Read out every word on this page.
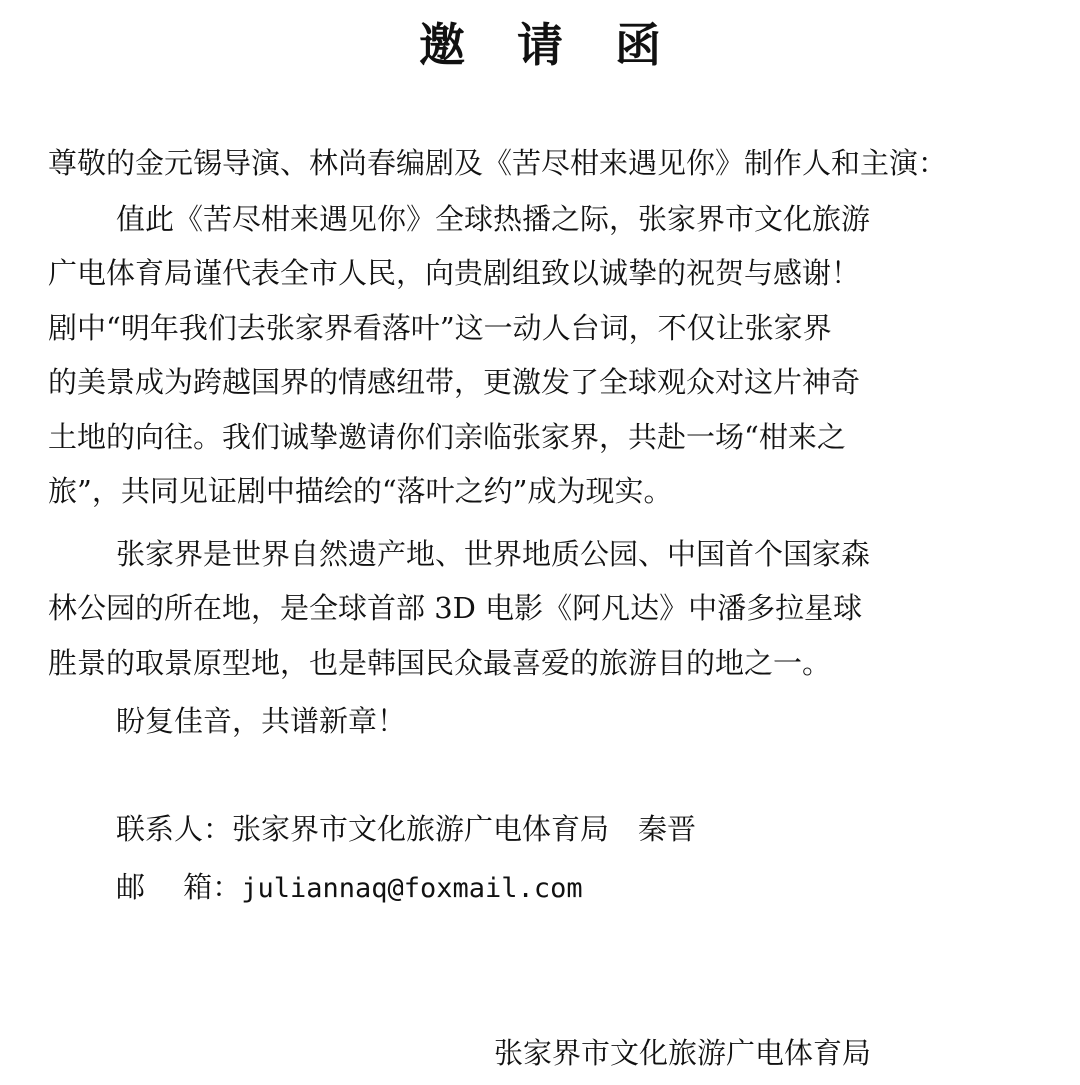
邀请函
尊敬的金元锡导演、林尚春编剧及《苦尽柑来遇见你》制作人和主演：
值此《苦尽柑来遇见你》全球热播之际，张家界市文化旅游
广电体育局谨代表全市人民，向贵剧组致以诚挚的祝贺与感谢！
剧中“明年我们去张家界看落叶”这一动人台词，不仅让张家界
的美景成为跨越国界的情感纽带，更激发了全球观众对这片神奇
土地的向往。我们诚挚邀请你们亲临张家界，共赴一场“柑来之
旅”，共同见证剧中描绘的“落叶之约”成为现实。
张家界是世界自然遗产地、世界地质公园、中国首个国家森
林公园的所在地，是全球首部 3D 电影《阿凡达》中潘多拉星球
胜景的取景原型地，也是韩国民众最喜爱的旅游目的地之一。
盼复佳音，共谱新章！
联系人：张家界市文化旅游广电体育局　秦晋
邮　 箱：juliannaq@foxmail.com
张家界市文化旅游广电体育局
